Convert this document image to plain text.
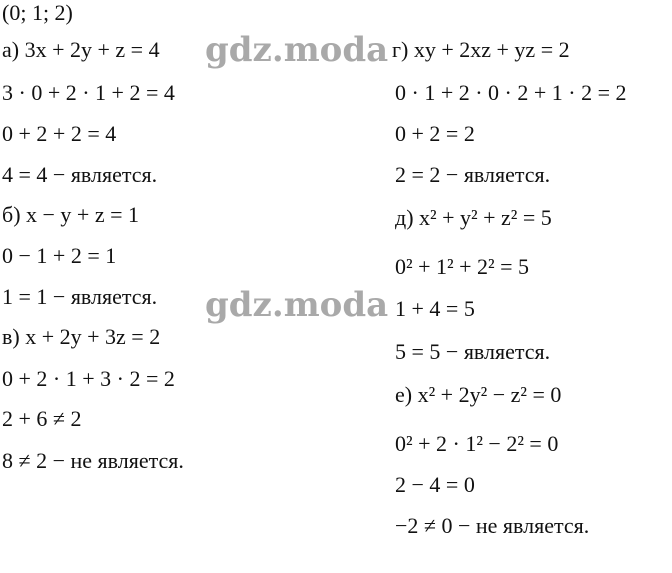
(0; 1; 2)
а) 3x + 2y + z = 4
3 · 0 + 2 · 1 + 2 = 4
0 + 2 + 2 = 4
4 = 4 − является.
б) x − y + z = 1
0 − 1 + 2 = 1
1 = 1 − является.
в) x + 2y + 3z = 2
0 + 2 · 1 + 3 · 2 = 2
2 + 6 ≠ 2
8 ≠ 2 − не является.
г) xy + 2xz + yz = 2
0 · 1 + 2 · 0 · 2 + 1 · 2 = 2
0 + 2 = 2
2 = 2 − является.
д) x² + y² + z² = 5
0² + 1² + 2² = 5
1 + 4 = 5
5 = 5 − является.
е) x² + 2y² − z² = 0
0² + 2 · 1² − 2² = 0
2 − 4 = 0
−2 ≠ 0 − не является.
gdz.moda
gdz.moda
